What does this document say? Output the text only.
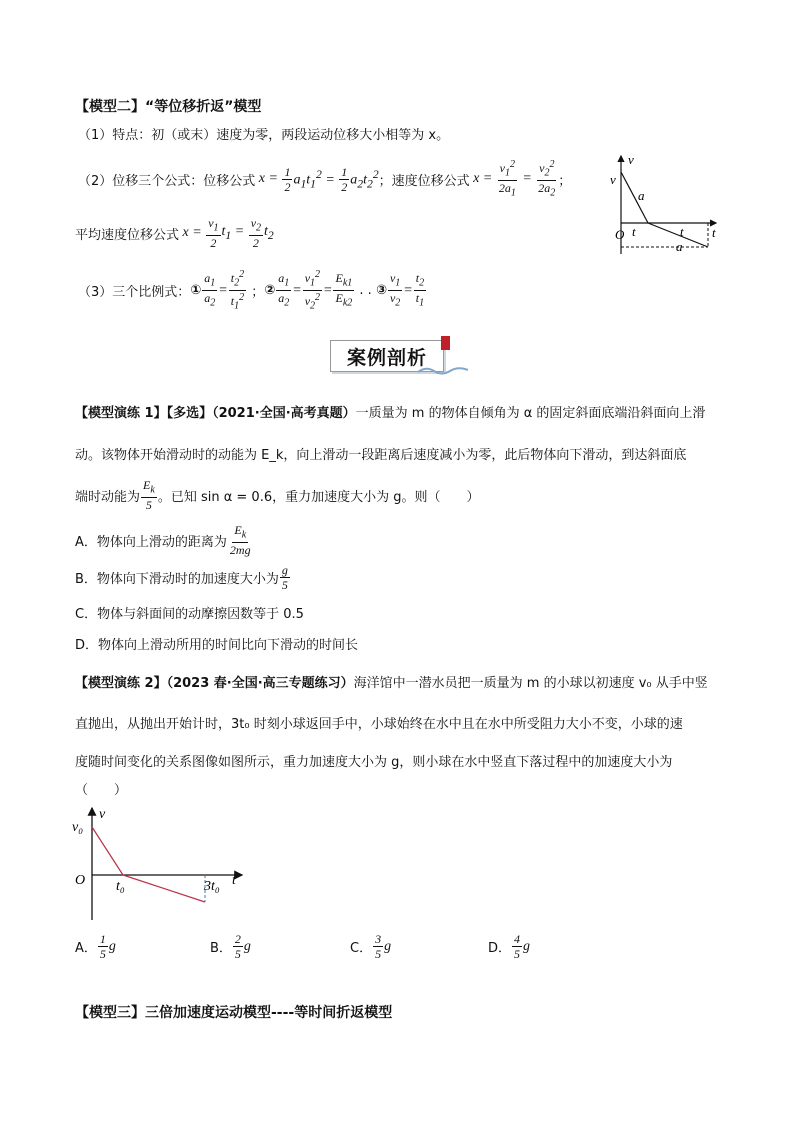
【模型二】“等位移折返”模型
（1）特点：初（或末）速度为零，两段运动位移大小相等为 x。
（2）位移三个公式：位移公式 $x = \frac{1}{2} a_1t_1^2 = \frac{1}{2} a_2t_2^2$ ；速度位移公式 $x = \frac{v_1^2}{2a_1} = \frac{v_2^2}{2a_2}$ ；
平均速度位移公式 $x = \frac{v_1}{2} t_1 = \frac{v_2}{2} t_2$
（3）三个比例式： ① $\frac{a_1}{a_2} = \frac{t_2^2}{t_1^2}$ ； ② $\frac{a_1}{a_2} = \frac{v_1^2}{v_2^2} = \frac{E_{k1}}{E_{k2}}$ . . ③ $\frac{v_1}{v_2} = \frac{t_2}{t_1}$
v
v
a
O t	t t
a
案例剖析
【模型演练 1】【多选】（2021·全国·高考真题）一质量为 m 的物体自倾角为 α 的固定斜面底端沿斜面向上滑
动。该物体开始滑动时的动能为 E_k，向上滑动一段距离后速度减小为零，此后物体向下滑动，到达斜面底
端时动能为 $\frac{E_k}{5}$ 。已知 sin α = 0.6，重力加速度大小为 g。则（　　）
A．物体向上滑动的距离为 $\frac{E_k}{2mg}$
B．物体向下滑动时的加速度大小为 $\frac{g}{5}$
C．物体与斜面间的动摩擦因数等于 0.5
D．物体向上滑动所用的时间比向下滑动的时间长
【模型演练 2】（2023 春·全国·高三专题练习）海洋馆中一潜水员把一质量为 m 的小球以初速度 v₀ 从手中竖
直抛出，从抛出开始计时，3t₀ 时刻小球返回手中，小球始终在水中且在水中所受阻力大小不变，小球的速
度随时间变化的关系图像如图所示，重力加速度大小为 g，则小球在水中竖直下落过程中的加速度大小为
（　　）
v
v₀
O t₀	3t₀ t
A． $\frac{1}{5}$ g	B． $\frac{2}{5}$ g	C． $\frac{3}{5}$ g	D． $\frac{4}{5}$ g
【模型三】三倍加速度运动模型----等时间折返模型
